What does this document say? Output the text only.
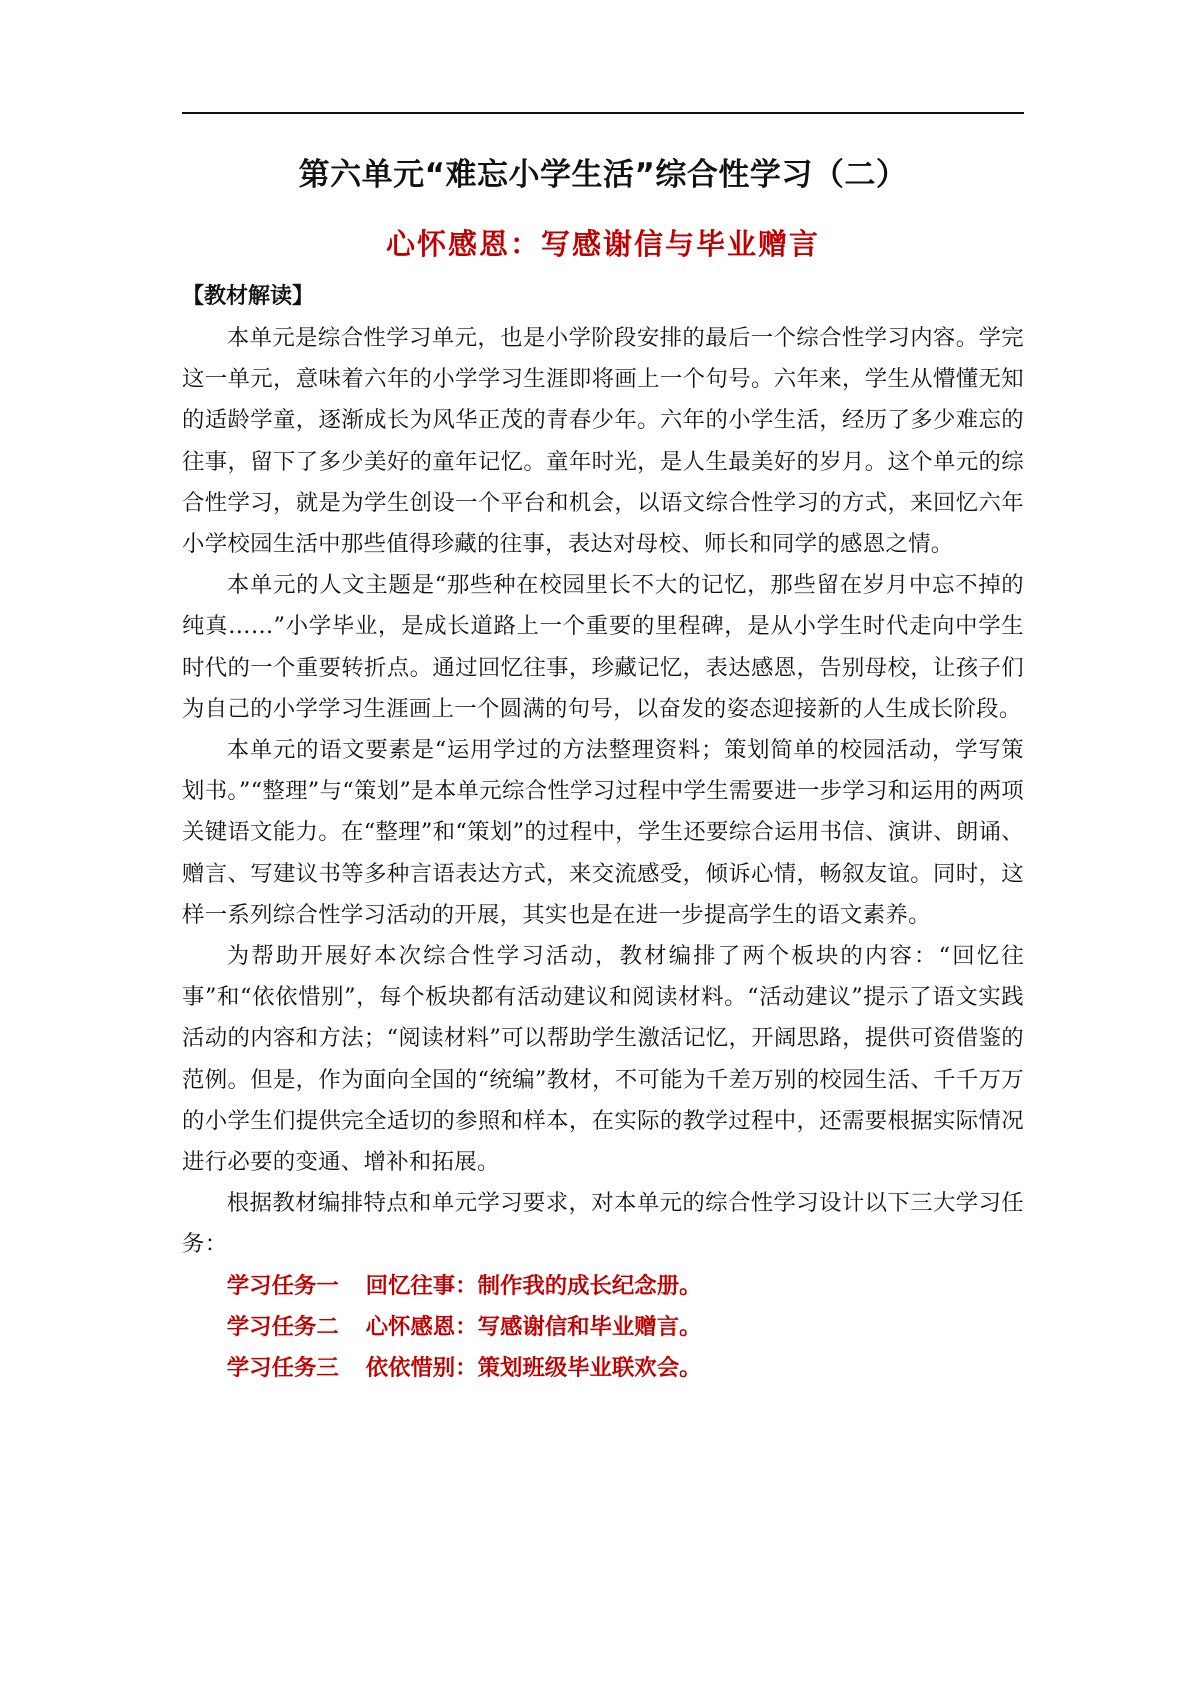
第六单元“难忘小学生活”综合性学习（二）
心怀感恩：写感谢信与毕业赠言
【教材解读】

本单元是综合性学习单元，也是小学阶段安排的最后一个综合性学习内容。学完这一单元，意味着六年的小学学习生涯即将画上一个句号。六年来，学生从懵懂无知的适龄学童，逐渐成长为风华正茂的青春少年。六年的小学生活，经历了多少难忘的往事，留下了多少美好的童年记忆。童年时光，是人生最美好的岁月。这个单元的综合性学习，就是为学生创设一个平台和机会，以语文综合性学习的方式，来回忆六年小学校园生活中那些值得珍藏的往事，表达对母校、师长和同学的感恩之情。

本单元的人文主题是“那些种在校园里长不大的记忆，那些留在岁月中忘不掉的纯真……”小学毕业，是成长道路上一个重要的里程碑，是从小学生时代走向中学生时代的一个重要转折点。通过回忆往事，珍藏记忆，表达感恩，告别母校，让孩子们为自己的小学学习生涯画上一个圆满的句号，以奋发的姿态迎接新的人生成长阶段。

本单元的语文要素是“运用学过的方法整理资料；策划简单的校园活动，学写策划书。”“整理”与“策划”是本单元综合性学习过程中学生需要进一步学习和运用的两项关键语文能力。在“整理”和“策划”的过程中，学生还要综合运用书信、演讲、朗诵、赠言、写建议书等多种言语表达方式，来交流感受，倾诉心情，畅叙友谊。同时，这样一系列综合性学习活动的开展，其实也是在进一步提高学生的语文素养。

为帮助开展好本次综合性学习活动，教材编排了两个板块的内容：“回忆往事”和“依依惜别”，每个板块都有活动建议和阅读材料。“活动建议”提示了语文实践活动的内容和方法；“阅读材料”可以帮助学生激活记忆，开阔思路，提供可资借鉴的范例。但是，作为面向全国的“统编”教材，不可能为千差万别的校园生活、千千万万的小学生们提供完全适切的参照和样本，在实际的教学过程中，还需要根据实际情况进行必要的变通、增补和拓展。

根据教材编排特点和单元学习要求，对本单元的综合性学习设计以下三大学习任务：

学习任务一 回忆往事：制作我的成长纪念册。

学习任务二 心怀感恩：写感谢信和毕业赠言。

学习任务三 依依惜别：策划班级毕业联欢会。
